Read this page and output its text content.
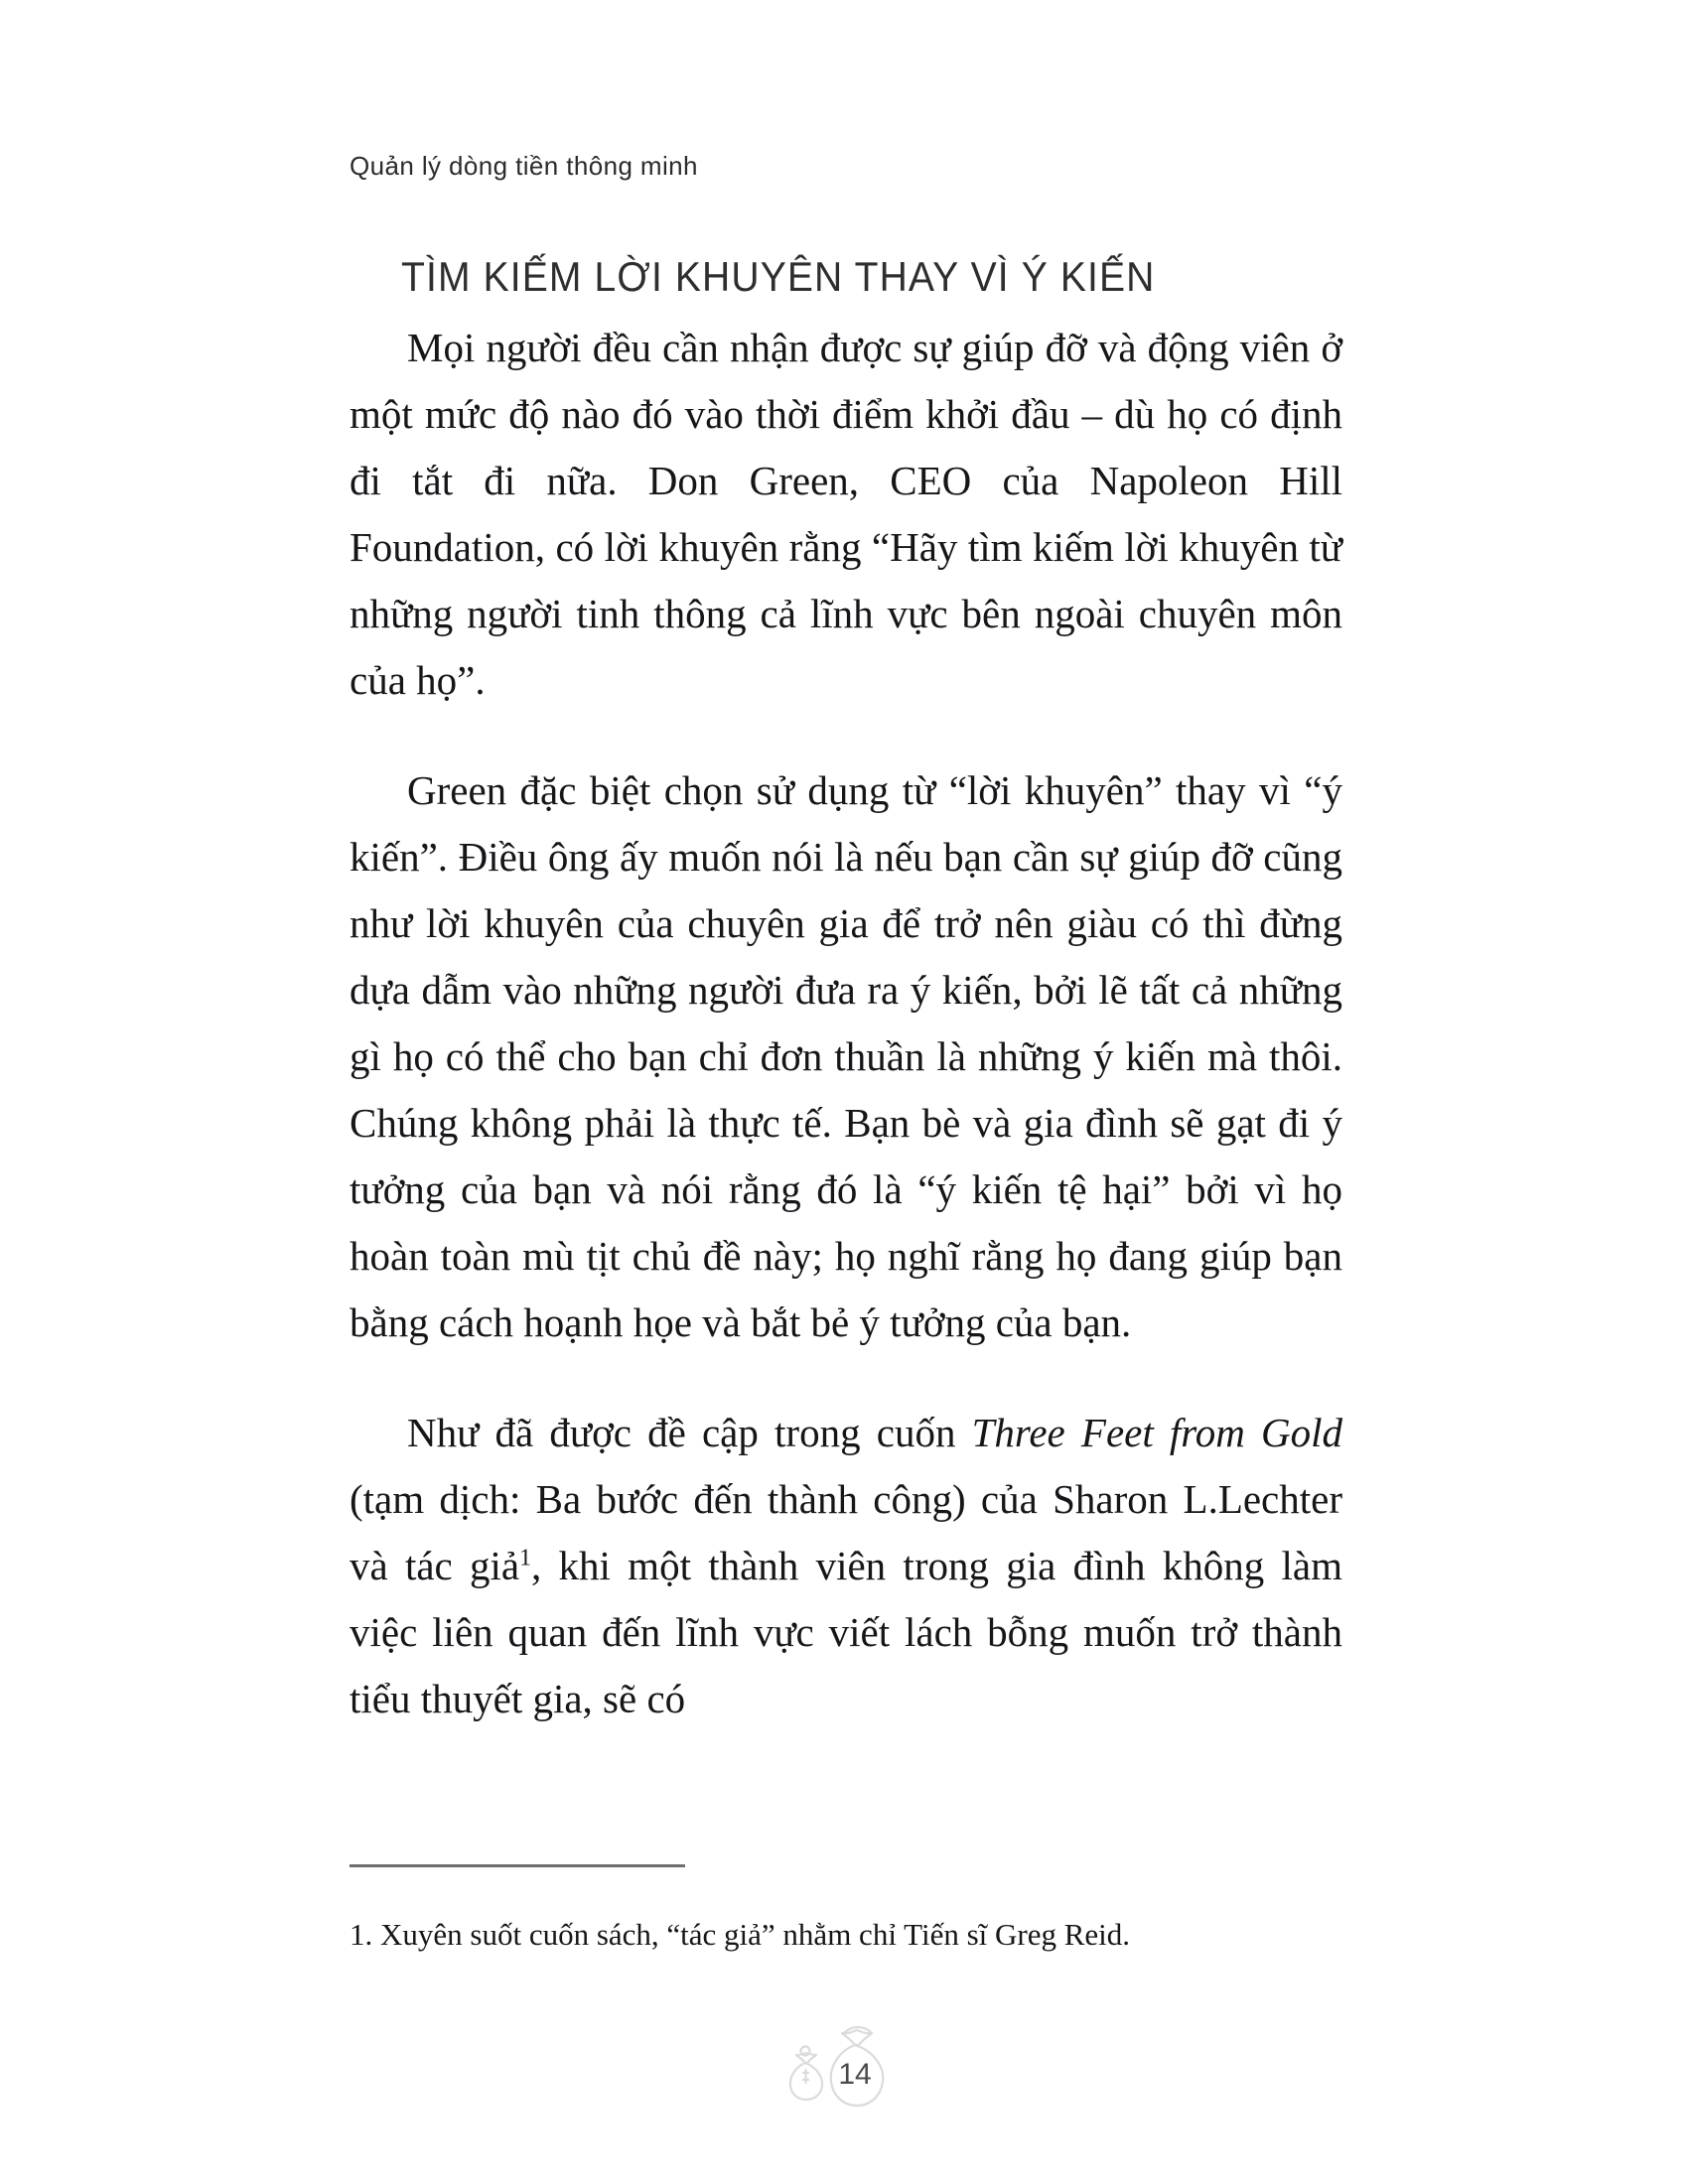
Quản lý dòng tiền thông minh
TÌM KIẾM LỜI KHUYÊN THAY VÌ Ý KIẾN

Mọi người đều cần nhận được sự giúp đỡ và động viên ở một mức độ nào đó vào thời điểm khởi đầu – dù họ có định đi tắt đi nữa. Don Green, CEO của Napoleon Hill Foundation, có lời khuyên rằng “Hãy tìm kiếm lời khuyên từ những người tinh thông cả lĩnh vực bên ngoài chuyên môn của họ”.

Green đặc biệt chọn sử dụng từ “lời khuyên” thay vì “ý kiến”. Điều ông ấy muốn nói là nếu bạn cần sự giúp đỡ cũng như lời khuyên của chuyên gia để trở nên giàu có thì đừng dựa dẫm vào những người đưa ra ý kiến, bởi lẽ tất cả những gì họ có thể cho bạn chỉ đơn thuần là những ý kiến mà thôi. Chúng không phải là thực tế. Bạn bè và gia đình sẽ gạt đi ý tưởng của bạn và nói rằng đó là “ý kiến tệ hại” bởi vì họ hoàn toàn mù tịt chủ đề này; họ nghĩ rằng họ đang giúp bạn bằng cách hoạnh họe và bắt bẻ ý tưởng của bạn.

Như đã được đề cập trong cuốn Three Feet from Gold (tạm dịch: Ba bước đến thành công) của Sharon L.Lechter và tác giả$^1$, khi một thành viên trong gia đình không làm việc liên quan đến lĩnh vực viết lách bỗng muốn trở thành tiểu thuyết gia, sẽ có

1. Xuyên suốt cuốn sách, “tác giả” nhằm chỉ Tiến sĩ Greg Reid.

14
